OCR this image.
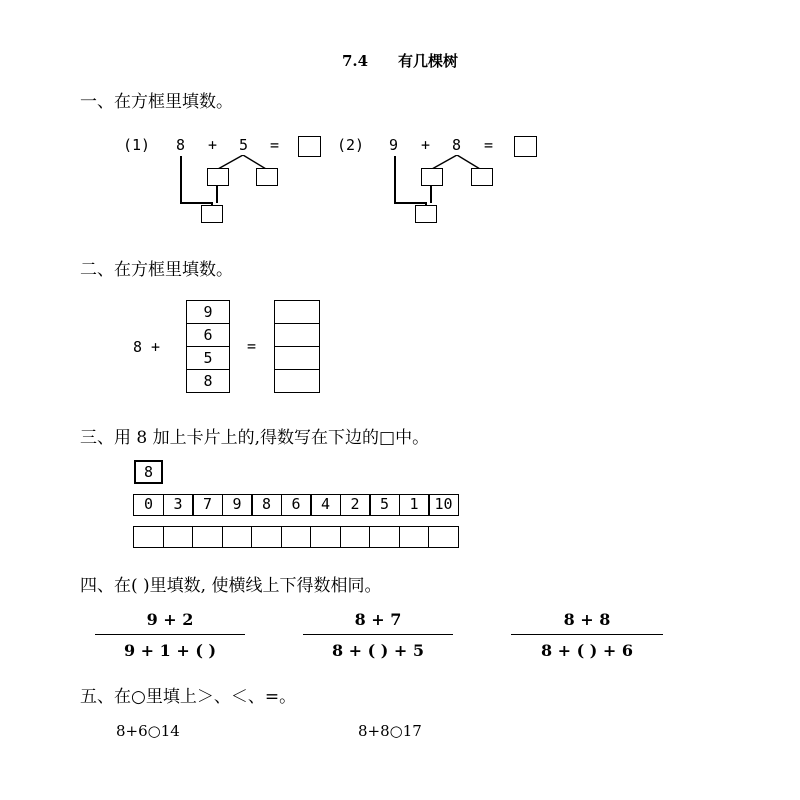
7.4 有几棵树
一、在方框里填数。
(1) 8 + 5 =	(2) 9 + 8 =
二、在方框里填数。
8 +
9
6
5
8
=
三、用 8 加上卡片上的,得数写在下边的□中。
8
0	3	7	9	8	6	4	2	5	1	10
四、在( )里填数, 使横线上下得数相同。
9 + 2
9 + 1 + ( )
8 + 7
8 + ( ) + 5
8 + 8
8 + ( ) + 6
五、在○里填上＞、＜、=。
8+6○14	8+8○17
